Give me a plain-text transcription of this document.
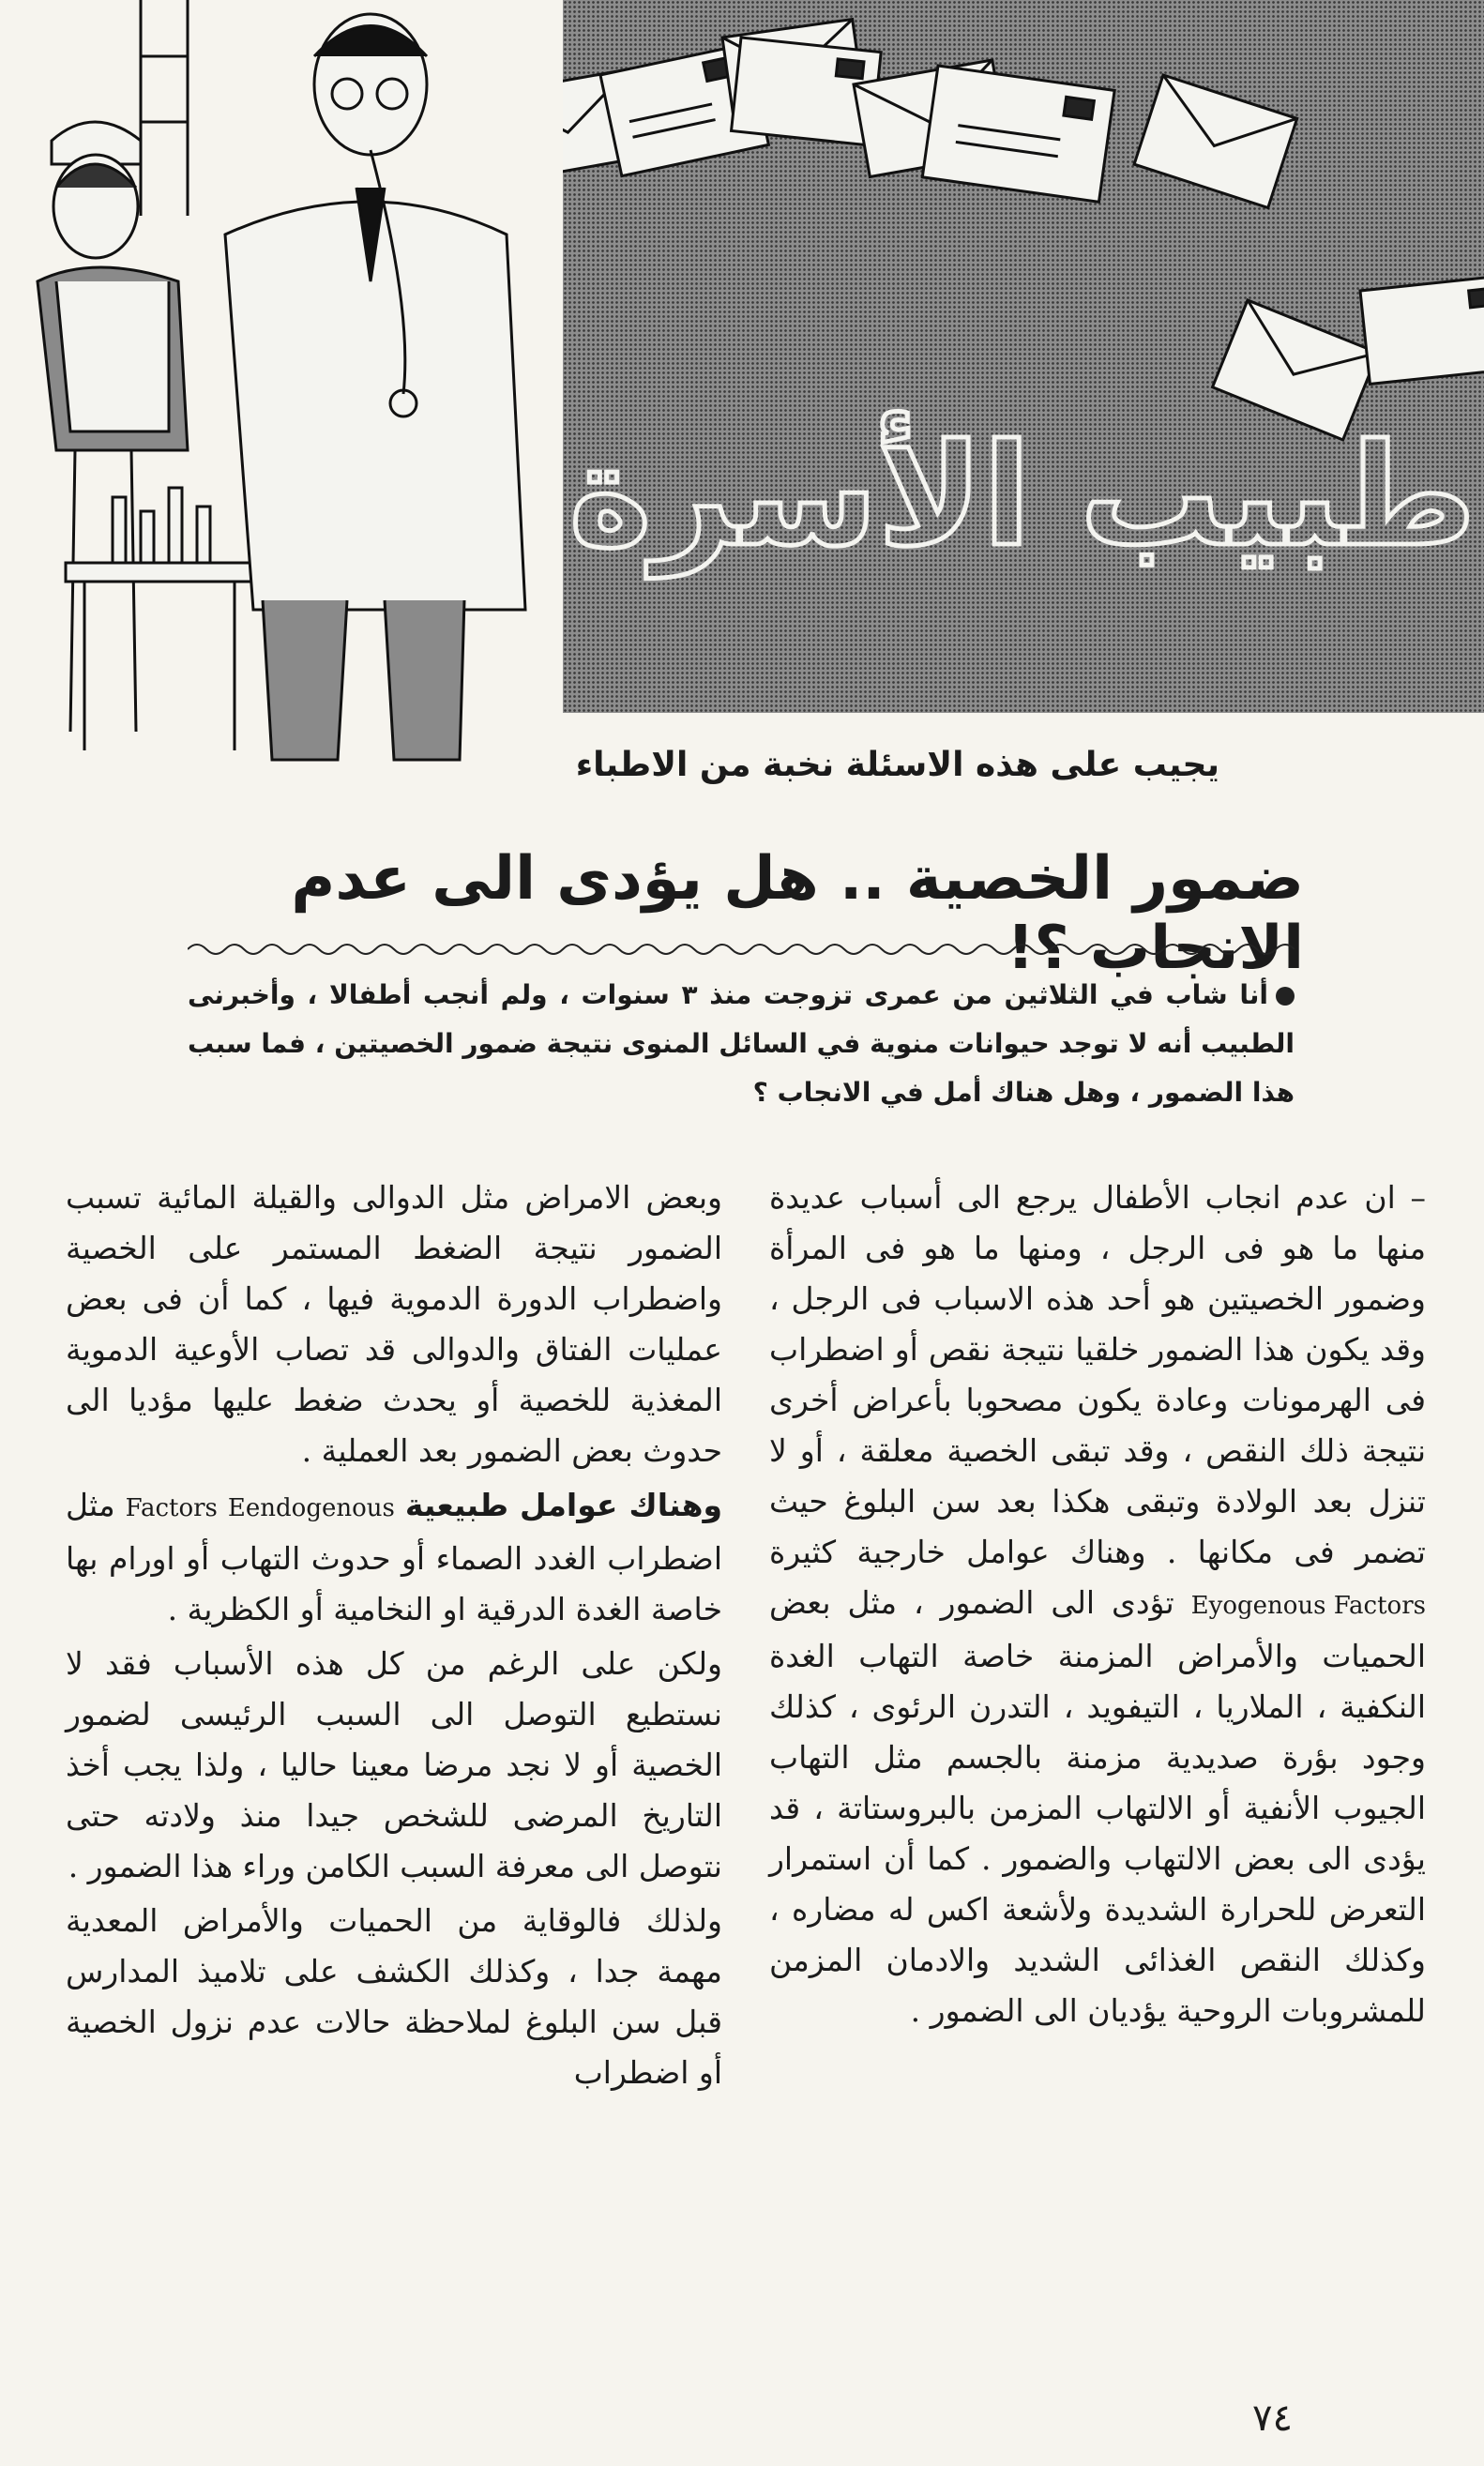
طبيب الأسرة
يجيب على هذه الاسئلة نخبة من الاطباء
ضمور الخصية .. هل يؤدى الى عدم الانجاب ؟!
أنا شاب في الثلاثين من عمرى تزوجت منذ ٣ سنوات ، ولم أنجب أطفالا ، وأخبرنى الطبيب أنه لا توجد حيوانات منوية في السائل المنوى نتيجة ضمور الخصيتين ، فما سبب هذا الضمور ، وهل هناك أمل في الانجاب ؟

– ان عدم انجاب الأطفال يرجع الى أسباب عديدة منها ما هو فى الرجل ، ومنها ما هو فى المرأة وضمور الخصيتين هو أحد هذه الاسباب فى الرجل ، وقد يكون هذا الضمور خلقيا نتيجة نقص أو اضطراب فى الهرمونات وعادة يكون مصحوبا بأعراض أخرى نتيجة ذلك النقص ، وقد تبقى الخصية معلقة ، أو لا تنزل بعد الولادة وتبقى هكذا بعد سن البلوغ حيث تضمر فى مكانها . وهناك عوامل خارجية كثيرة Eyogenous Factors تؤدى الى الضمور ، مثل بعض الحميات والأمراض المزمنة خاصة التهاب الغدة النكفية ، الملاريا ، التيفويد ، التدرن الرئوى ، كذلك وجود بؤرة صديدية مزمنة بالجسم مثل التهاب الجيوب الأنفية أو الالتهاب المزمن بالبروستاتة ، قد يؤدى الى بعض الالتهاب والضمور . كما أن استمرار التعرض للحرارة الشديدة ولأشعة اكس له مضاره ، وكذلك النقص الغذائى الشديد والادمان المزمن للمشروبات الروحية يؤديان الى الضمور .

وبعض الامراض مثل الدوالى والقيلة المائية تسبب الضمور نتيجة الضغط المستمر على الخصية واضطراب الدورة الدموية فيها ، كما أن فى بعض عمليات الفتاق والدوالى قد تصاب الأوعية الدموية المغذية للخصية أو يحدث ضغط عليها مؤديا الى حدوث بعض الضمور بعد العملية .

وهناك عوامل طبيعية Eendogenous Factors مثل اضطراب الغدد الصماء أو حدوث التهاب أو اورام بها خاصة الغدة الدرقية او النخامية أو الكظرية .

ولكن على الرغم من كل هذه الأسباب فقد لا نستطيع التوصل الى السبب الرئيسى لضمور الخصية أو لا نجد مرضا معينا حاليا ، ولذا يجب أخذ التاريخ المرضى للشخص جيدا منذ ولادته حتى نتوصل الى معرفة السبب الكامن وراء هذا الضمور .

ولذلك فالوقاية من الحميات والأمراض المعدية مهمة جدا ، وكذلك الكشف على تلاميذ المدارس قبل سن البلوغ لملاحظة حالات عدم نزول الخصية أو اضطراب

٧٤
